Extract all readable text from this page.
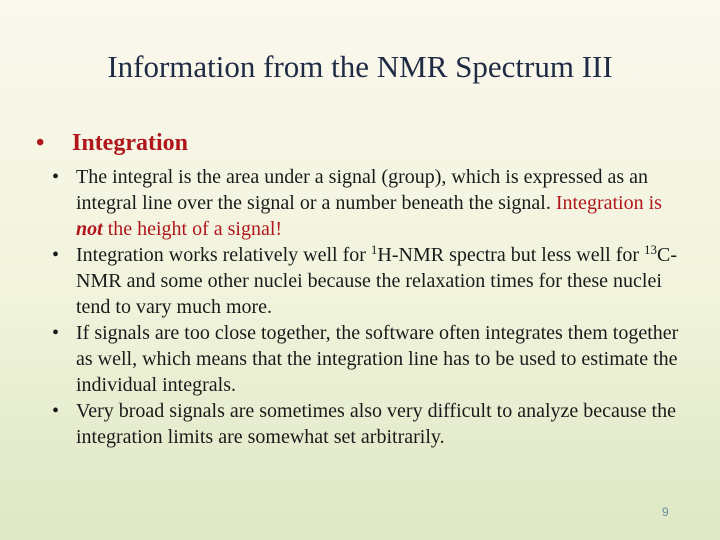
Information from the NMR Spectrum III
• Integration
• The integral is the area under a signal (group), which is expressed as an integral line over the signal or a number beneath the signal. Integration is not the height of a signal!
• Integration works relatively well for $^1$H-NMR spectra but less well for $^{13}$C-NMR and some other nuclei because the relaxation times for these nuclei tend to vary much more.
• If signals are too close together, the software often integrates them together as well, which means that the integration line has to be used to estimate the individual integrals.
• Very broad signals are sometimes also very difficult to analyze because the integration limits are somewhat set arbitrarily.
9
